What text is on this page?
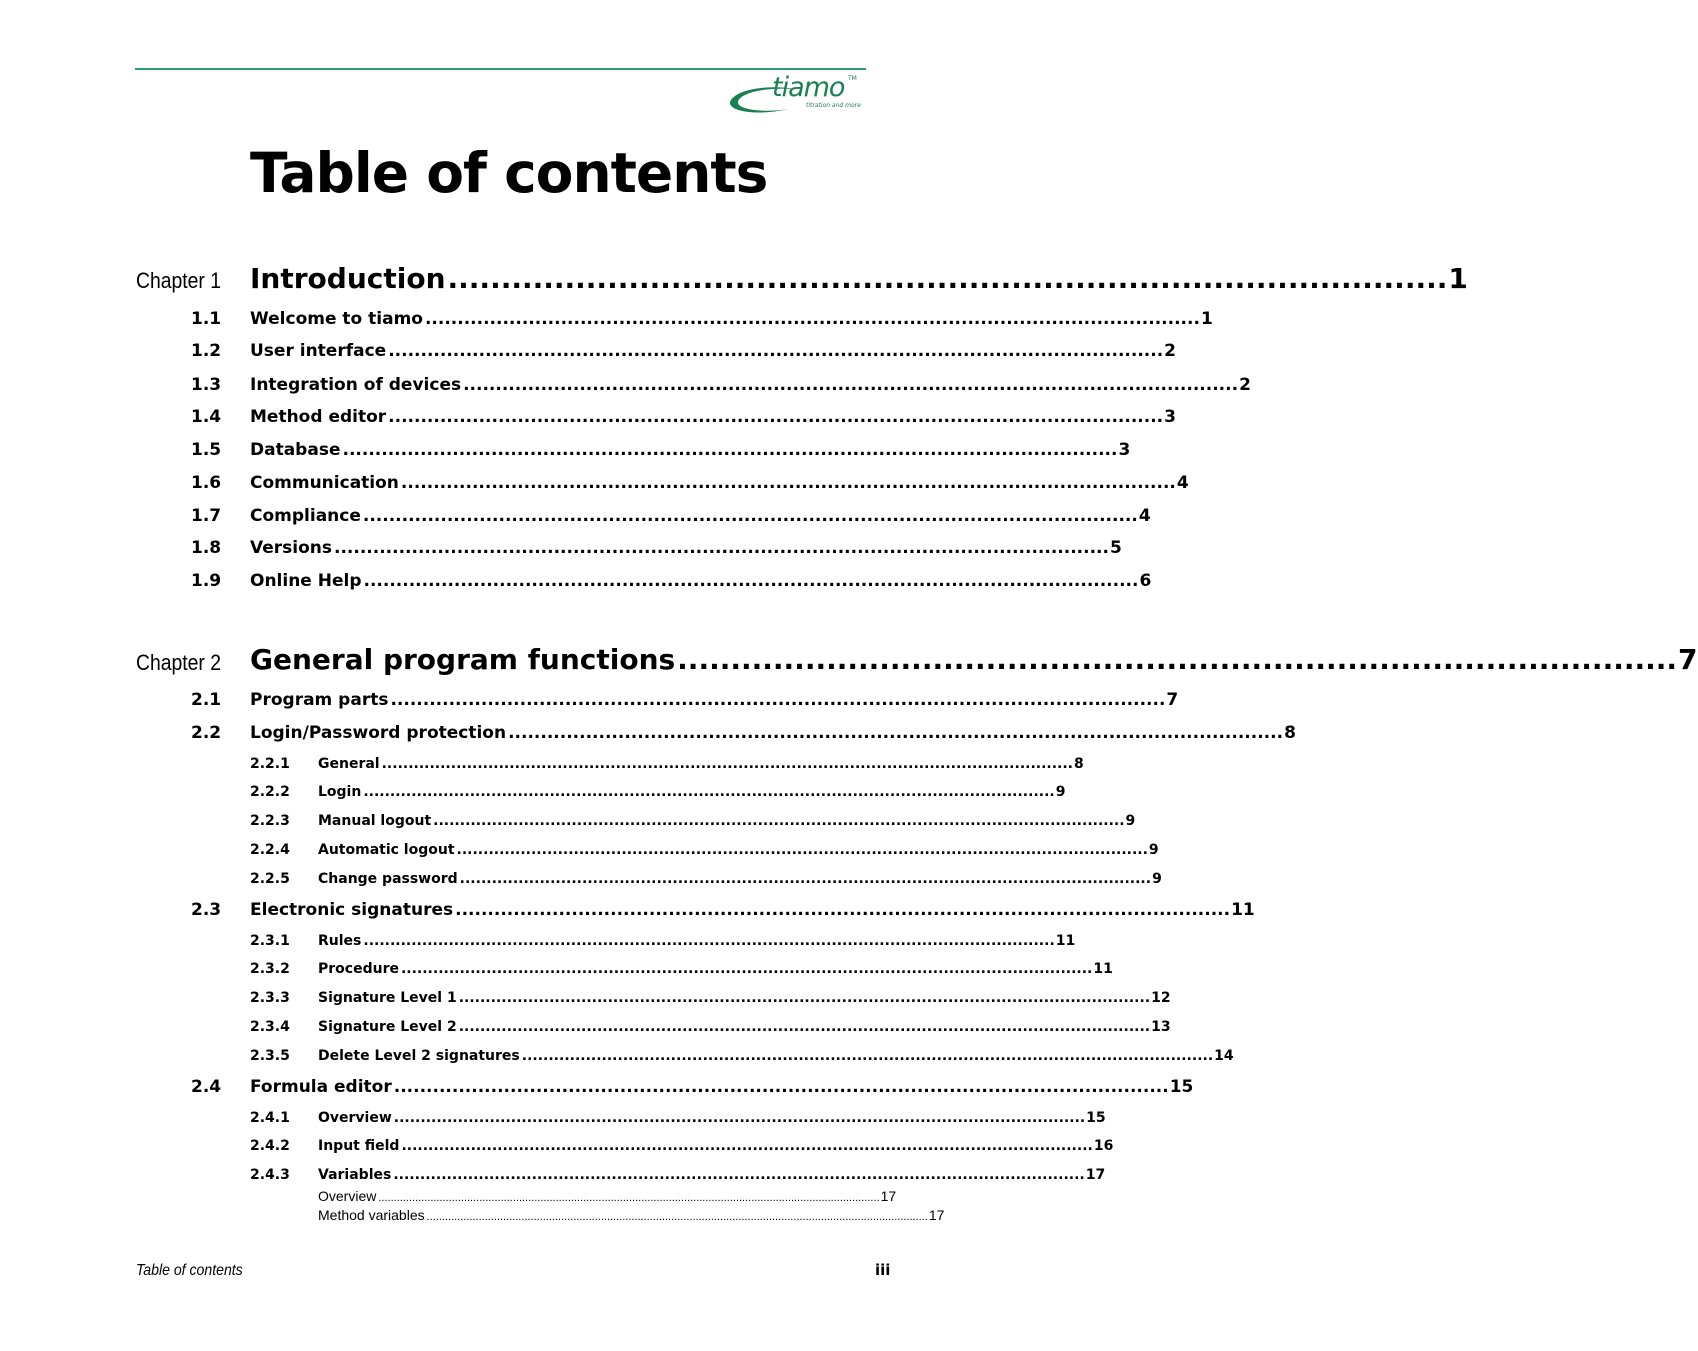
tiamo TM
titration and more
Table of contents
Chapter 1 Introduction .............................................................................................. 1
1.1 Welcome to tiamo ........................................................................................................................ 1
1.2 User interface ........................................................................................................................ 2
1.3 Integration of devices ........................................................................................................................ 2
1.4 Method editor ........................................................................................................................ 3
1.5 Database ........................................................................................................................ 3
1.6 Communication ........................................................................................................................ 4
1.7 Compliance ........................................................................................................................ 4
1.8 Versions ........................................................................................................................ 5
1.9 Online Help ........................................................................................................................ 6
Chapter 2 General program functions .............................................................................................. 7
2.1 Program parts ........................................................................................................................ 7
2.2 Login/Password protection ........................................................................................................................ 8
2.2.1 General .................................................................................................................................. 8
2.2.2 Login .................................................................................................................................. 9
2.2.3 Manual logout .................................................................................................................................. 9
2.2.4 Automatic logout .................................................................................................................................. 9
2.2.5 Change password .................................................................................................................................. 9
2.3 Electronic signatures ........................................................................................................................ 11
2.3.1 Rules .................................................................................................................................. 11
2.3.2 Procedure .................................................................................................................................. 11
2.3.3 Signature Level 1 .................................................................................................................................. 12
2.3.4 Signature Level 2 .................................................................................................................................. 13
2.3.5 Delete Level 2 signatures .................................................................................................................................. 14
2.4 Formula editor ........................................................................................................................ 15
2.4.1 Overview .................................................................................................................................. 15
2.4.2 Input field .................................................................................................................................. 16
2.4.3 Variables .................................................................................................................................. 17
Overview .................................................................................................................................................................... 17
Method variables .................................................................................................................................................................... 17
Table of contents	iii
